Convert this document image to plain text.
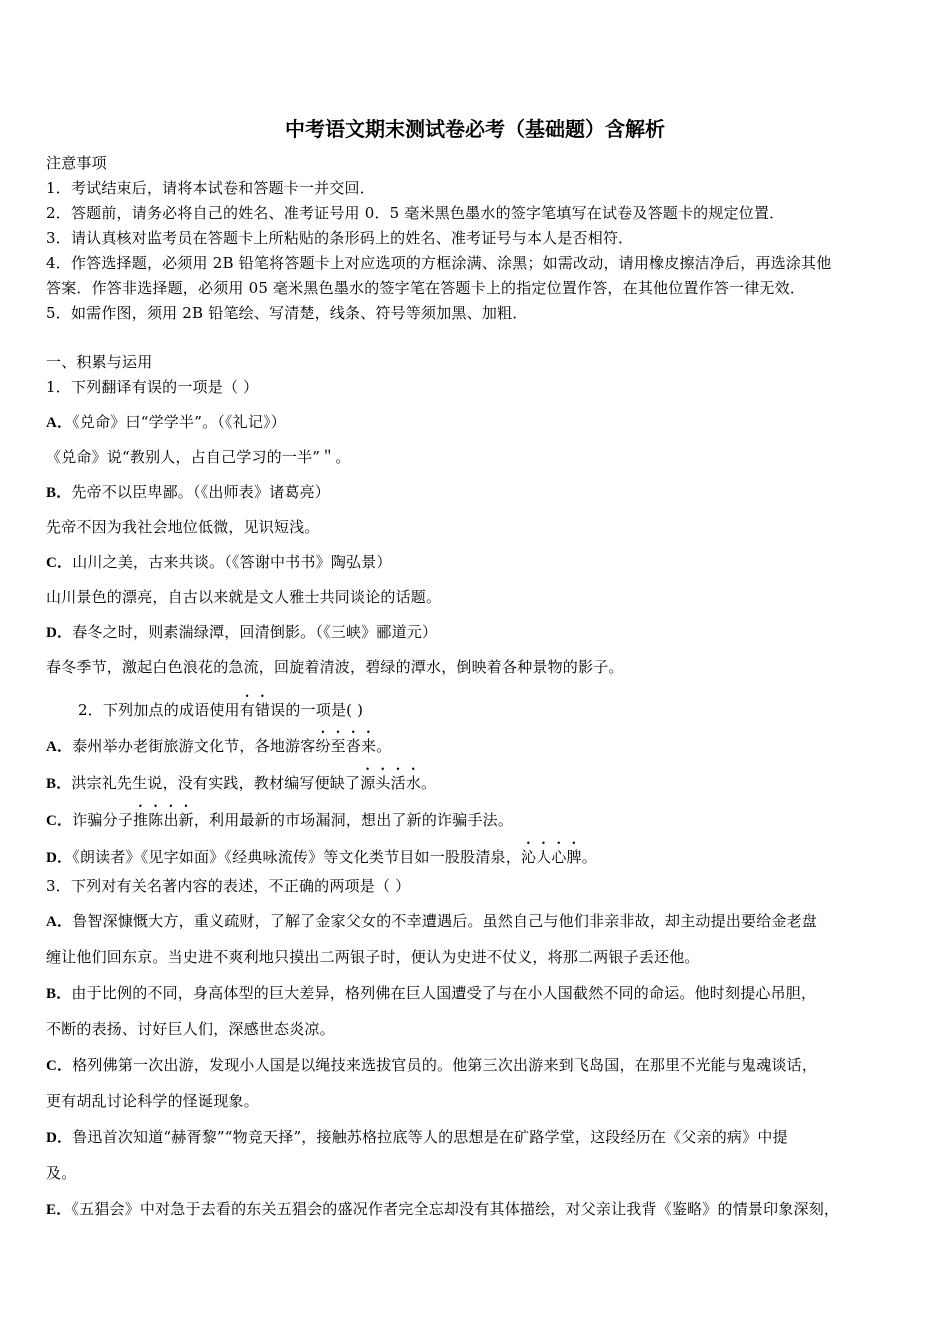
中考语文期末测试卷必考（基础题）含解析
注意事项
1．考试结束后，请将本试卷和答题卡一并交回．
2．答题前，请务必将自己的姓名、准考证号用 0．5 毫米黑色墨水的签字笔填写在试卷及答题卡的规定位置．
3．请认真核对监考员在答题卡上所粘贴的条形码上的姓名、准考证号与本人是否相符．
4．作答选择题，必须用 2B 铅笔将答题卡上对应选项的方框涂满、涂黑；如需改动，请用橡皮擦洁净后，再选涂其他
答案．作答非选择题，必须用 05 毫米黑色墨水的签字笔在答题卡上的指定位置作答，在其他位置作答一律无效．
5．如需作图，须用 2B 铅笔绘、写清楚，线条、符号等须加黑、加粗．
一、积累与运用
1．下列翻译有误的一项是（ ）
A．《兑命》曰“学学半”。（《礼记》）
《兑命》说“教别人，占自己学习的一半”＂。
B．先帝不以臣卑鄙。（《出师表》诸葛亮）
先帝不因为我社会地位低微，见识短浅。
C．山川之美，古来共谈。（《答谢中书书》陶弘景）
山川景色的漂亮，自古以来就是文人雅士共同谈论的话题。
D．春冬之时，则素湍绿潭，回清倒影。（《三峡》郦道元）
春冬季节，激起白色浪花的急流，回旋着清波，碧绿的潭水，倒映着各种景物的影子。
2．下列加点的成语使用有错误的一项是( )
A．泰州举办老街旅游文化节，各地游客纷至沓来。
B．洪宗礼先生说，没有实践，教材编写便缺了源头活水。
C．诈骗分子推陈出新，利用最新的市场漏洞，想出了新的诈骗手法。
D．《朗读者》《见字如面》《经典咏流传》等文化类节目如一股股清泉，沁人心脾。
3．下列对有关名著内容的表述，不正确的两项是（ ）
A．鲁智深慷慨大方，重义疏财，了解了金家父女的不幸遭遇后。虽然自己与他们非亲非故，却主动提出要给金老盘
缠让他们回东京。当史进不爽利地只摸出二两银子时，便认为史进不仗义，将那二两银子丢还他。
B．由于比例的不同，身高体型的巨大差异，格列佛在巨人国遭受了与在小人国截然不同的命运。他时刻提心吊胆，
不断的表扬、讨好巨人们，深感世态炎凉。
C．格列佛第一次出游，发现小人国是以绳技来选拔官员的。他第三次出游来到飞岛国，在那里不光能与鬼魂谈话，
更有胡乱讨论科学的怪诞现象。
D．鲁迅首次知道“赫胥黎”“物竞天择”，接触苏格拉底等人的思想是在矿路学堂，这段经历在《父亲的病》中提
及。
E．《五猖会》中对急于去看的东关五猖会的盛况作者完全忘却没有其体描绘，对父亲让我背《鉴略》的情景印象深刻，
